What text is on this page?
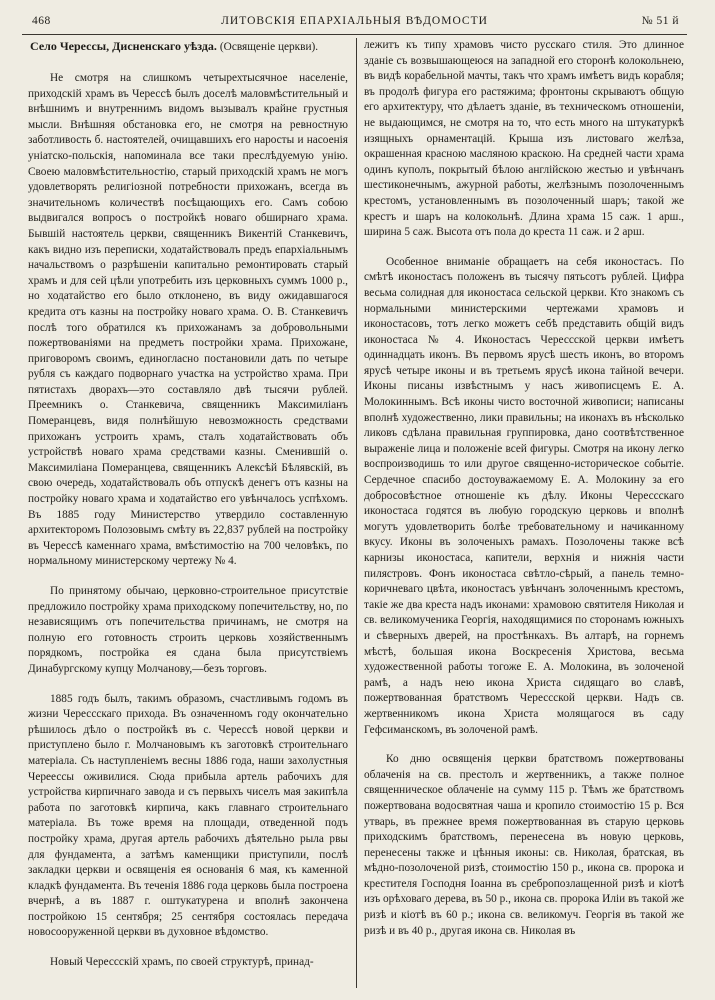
468	ЛИТОВСКІЯ ЕПАРХІАЛЬНЫЯ ВѢДОМОСТИ	№ 51 й
Село Черессы, Дисненскаго уѣзда. (Освященіе церкви).

Не смотря на слишкомъ четырехтысячное населеніе, приходскій храмъ въ Черессѣ былъ доселѣ маловмѣстительный и внѣшнимъ и внутреннимъ видомъ вызывалъ крайне грустныя мысли. Внѣшняя обстановка его, не смотря на ревностную заботливость б. настоятелей, очищавшихъ его наросты и насоенія уніатско-польскія, напоминала все таки преслѣдуемую унію. Своею маловмѣстительностію, старый приходскій храмъ не могъ удовлетворять религіозной потребности прихожанъ, всегда въ значительномъ количествѣ посѣщающихъ его. Самъ собою выдвигался вопросъ о постройкѣ новаго обширнаго храма. Бывшій настоятель церкви, священникъ Викентій Станкевичъ, какъ видно изъ переписки, ходатайствовалъ предъ епархіальнымъ начальствомъ о разрѣшеніи капитально ремонтировать старый храмъ и для сей цѣли употребить изъ церковныхъ суммъ 1000 р., но ходатайство его было отклонено, въ виду ожидавшагося кредита отъ казны на постройку новаго храма. О. В. Станкевичъ послѣ того обратился къ прихожанамъ за добровольными пожертвованіями на предметъ постройки храма. Прихожане, приговоромъ своимъ, единогласно постановили дать по четыре рубля съ каждаго подворнаго участка на устройство храма. При пятистахъ дворахъ—это составляло двѣ тысячи рублей. Преемникъ о. Станкевича, священникъ Максимиліанъ Померанцевъ, видя полнѣйшую невозможность средствами прихожанъ устроить храмъ, сталъ ходатайствовать объ устройствѣ новаго храма средствами казны. Сменившій о. Максимиліана Померанцева, священникъ Алексѣй Бѣлявскій, въ свою очередь, ходатайствовалъ объ отпускѣ денегъ отъ казны на постройку новаго храма и ходатайство его увѣнчалось успѣхомъ. Въ 1885 году Министерство утвердило составленную архитекторомъ Полозовымъ смѣту въ 22,837 рублей на постройку въ Черессѣ каменнаго храма, вмѣстимостію на 700 человѣкъ, по нормальному министерскому чертежу № 4.

По принятому обычаю, церковно-строительное присутствіе предложило постройку храма приходскому попечительству, но, по независящимъ отъ попечительства причинамъ, не смотря на полную его готовность строить церковь хозяйственнымъ порядкомъ, постройка ея сдана была присутствіемъ Динабургскому купцу Молчанову,—безъ торговъ.

1885 годъ былъ, такимъ образомъ, счастливымъ годомъ въ жизни Черессскаго прихода. Въ означенномъ году окончательно рѣшилось дѣло о постройкѣ въ с. Черессѣ новой церкви и приступлено было г. Молчановымъ къ заготовкѣ строительнаго матеріала. Съ наступленіемъ весны 1886 года, наши захолустныя Череессы оживилися. Сюда прибыла артель рабочихъ для устройства кирпичнаго завода и съ первыхъ чиселъ мая закипѣла работа по заготовкѣ кирпича, какъ главнаго строительнаго матеріала. Въ тоже время на площади, отведенной подъ постройку храма, другая артель рабочихъ дѣятельно рыла рвы для фундамента, а затѣмъ каменщики приступили, послѣ закладки церкви и освященія ея основанія 6 мая, къ каменной кладкѣ фундамента. Въ теченія 1886 года церковь была построена вчернѣ, а въ 1887 г. оштукатурена и вполнѣ закончена постройкою 15 сентября; 25 сентября состоялась передача новосооруженной церкви въ духовное вѣдомство.

Новый Черессскій храмъ, по своей структурѣ, принад-

лежитъ къ типу храмовъ чисто русскаго стиля. Это длинное зданіе съ возвышающеюся на западной его сторонѣ колокольнею, въ видѣ корабельной мачты, такъ что храмъ имѣетъ видъ корабля; въ продолѣ фигура его растяжима; фронтоны скрываютъ общую его архитектуру, что дѣлаетъ зданіе, въ техническомъ отношеніи, не выдающимся, не смотря на то, что есть много на штукатуркѣ изящныхъ орнаментацій. Крыша изъ листоваго желѣза, окрашенная красною масляною краскою. На средней части храма одинъ куполъ, покрытый бѣлою англійскою жестью и увѣнчанъ шестиконечнымъ, ажурной работы, желѣзнымъ позолоченнымъ крестомъ, установленнымъ въ позолоченный шаръ; такой же крестъ и шаръ на колокольнѣ. Длина храма 15 саж. 1 арш., ширина 5 саж. Высота отъ пола до креста 11 саж. и 2 арш.

Особенное вниманіе обращаетъ на себя иконостасъ. По смѣтѣ иконостасъ положенъ въ тысячу пятьсотъ рублей. Цифра весьма солидная для иконостаса сельской церкви. Кто знакомъ съ нормальными министерскими чертежами храмовъ и иконостасовъ, тотъ легко можетъ себѣ представить общій видъ иконостаса № 4. Иконостасъ Черессской церкви имѣетъ одиннадцать иконъ. Въ первомъ ярусѣ шесть иконъ, во второмъ ярусѣ четыре иконы и въ третьемъ ярусѣ икона тайной вечери. Иконы писаны извѣстнымъ у насъ живописцемъ Е. А. Молокиннымъ. Всѣ иконы чисто восточной живописи; написаны вполнѣ художественно, лики правильны; на иконахъ въ нѣсколько ликовъ сдѣлана правильная группировка, дано соотвѣтственное выраженіе лица и положеніе всей фигуры. Смотря на икону легко воспроизводишь то или другое священно-историческое событіе. Сердечное спасибо достоуважаемому Е. А. Молокину за его добросовѣстное отношеніе къ дѣлу. Иконы Черессскаго иконостаса годятся въ любую городскую церковь и вполнѣ могутъ удовлетворить болѣе требовательному и начиканному вкусу. Иконы въ золоченыхъ рамахъ. Позолочены также всѣ карнизы иконостаса, капители, верхнія и нижнія части пилястровъ. Фонъ иконостаса свѣтло-сѣрый, а панель темно-коричневаго цвѣта, иконостасъ увѣнчанъ золоченнымъ крестомъ, такіе же два креста надъ иконами: храмовою святителя Николая и св. великомученика Георгія, находящимися по сторонамъ южныхъ и сѣверныхъ дверей, на простѣнкахъ. Въ алтарѣ, на горнемъ мѣстѣ, большая икона Воскресенія Христова, весьма художественной работы тогоже Е. А. Молокина, въ золоченой рамѣ, а надъ нею икона Христа сидящаго во славѣ, пожертвованная братствомъ Черессской церкви. Надъ св. жертвенникомъ икона Христа молящагося въ саду Гефсиманскомъ, въ золоченой рамѣ.

Ко дню освященія церкви братствомъ пожертвованы облаченія на св. престолъ и жертвенникъ, а также полное священническое облаченіе на сумму 115 р. Тѣмъ же братствомъ пожертвована водосвятная чаша и кропило стоимостію 15 р. Вся утварь, въ прежнее время пожертвованная въ старую церковь приходскимъ братствомъ, перенесена въ новую церковь, перенесены также и цѣнныя иконы: св. Николая, братская, въ мѣдно-позолоченой ризѣ, стоимостію 150 р., икона св. пророка и крестителя Господня Іоанна въ сребропозлащенной ризѣ и кіотѣ изъ орѣховаго дерева, въ 50 р., икона св. пророка Иліи въ такой же ризѣ и кіотѣ въ 60 р.; икона св. великомуч. Георгія въ такой же ризѣ и въ 40 р., другая икона св. Николая въ
